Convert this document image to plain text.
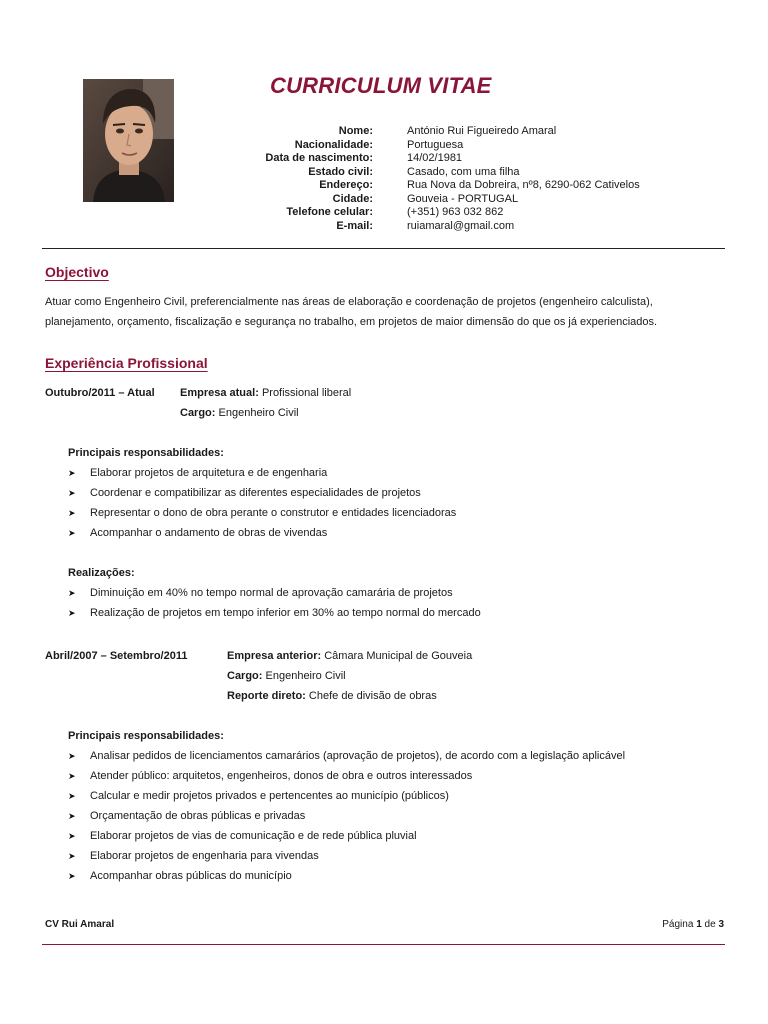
CURRICULUM VITAE
Nome:	António Rui Figueiredo Amaral
Nacionalidade:	Portuguesa
Data de nascimento:	14/02/1981
Estado civil:	Casado, com uma filha
Endereço:	Rua Nova da Dobreira, nº8, 6290-062 Cativelos
Cidade:	Gouveia - PORTUGAL
Telefone celular:	(+351) 963 032 862
E-mail:	ruiamaral@gmail.com
Objectivo
Atuar como Engenheiro Civil, preferencialmente nas áreas de elaboração e coordenação de projetos (engenheiro calculista),
planejamento, orçamento, fiscalização e segurança no trabalho, em projetos de maior dimensão do que os já experienciados.
Experiência Profissional
Outubro/2011 – Atual Empresa atual: Profissional liberal
Cargo: Engenheiro Civil
Principais responsabilidades:
➤	Elaborar projetos de arquitetura e de engenharia
➤	Coordenar e compatibilizar as diferentes especialidades de projetos
➤	Representar o dono de obra perante o construtor e entidades licenciadoras
➤	Acompanhar o andamento de obras de vivendas
Realizações:
➤	Diminuição em 40% no tempo normal de aprovação camarária de projetos
➤	Realização de projetos em tempo inferior em 30% ao tempo normal do mercado
Abril/2007 – Setembro/2011	Empresa anterior: Câmara Municipal de Gouveia
Cargo: Engenheiro Civil
Reporte direto: Chefe de divisão de obras
Principais responsabilidades:
➤	Analisar pedidos de licenciamentos camarários (aprovação de projetos), de acordo com a legislação aplicável
➤	Atender público: arquitetos, engenheiros, donos de obra e outros interessados
➤	Calcular e medir projetos privados e pertencentes ao município (públicos)
➤	Orçamentação de obras públicas e privadas
➤	Elaborar projetos de vias de comunicação e de rede pública pluvial
➤	Elaborar projetos de engenharia para vivendas
➤	Acompanhar obras públicas do município
CV Rui Amaral	Página 1 de 3
